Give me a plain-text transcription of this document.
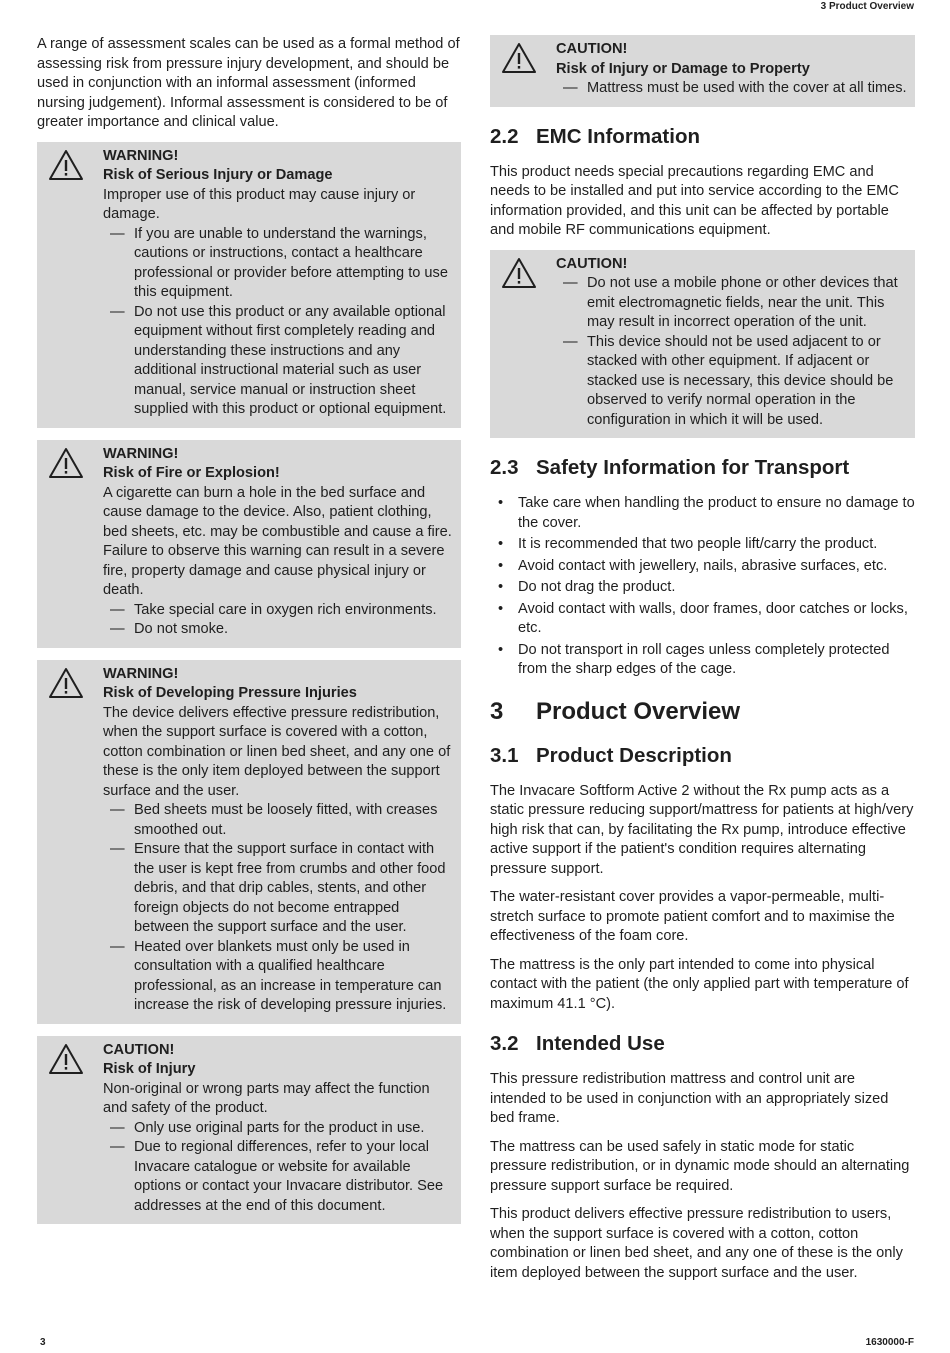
3 Product Overview

A range of assessment scales can be used as a formal method of assessing risk from pressure injury development, and should be used in conjunction with an informal assessment (informed nursing judgement). Informal assessment is considered to be of greater importance and clinical value.

WARNING!
Risk of Serious Injury or Damage
Improper use of this product may cause injury or damage.
— If you are unable to understand the warnings, cautions or instructions, contact a healthcare professional or provider before attempting to use this equipment.
— Do not use this product or any available optional equipment without first completely reading and understanding these instructions and any additional instructional material such as user manual, service manual or instruction sheet supplied with this product or optional equipment.
WARNING!
Risk of Fire or Explosion!
A cigarette can burn a hole in the bed surface and cause damage to the device. Also, patient clothing, bed sheets, etc. may be combustible and cause a fire. Failure to observe this warning can result in a severe fire, property damage and cause physical injury or death.
— Take special care in oxygen rich environments.
— Do not smoke.
WARNING!
Risk of Developing Pressure Injuries
The device delivers effective pressure redistribution, when the support surface is covered with a cotton, cotton combination or linen bed sheet, and any one of these is the only item deployed between the support surface and the user.
— Bed sheets must be loosely fitted, with creases smoothed out.
— Ensure that the support surface in contact with the user is kept free from crumbs and other food debris, and that drip cables, stents, and other foreign objects do not become entrapped between the support surface and the user.
— Heated over blankets must only be used in consultation with a qualified healthcare professional, as an increase in temperature can increase the risk of developing pressure injuries.
CAUTION!
Risk of Injury
Non-original or wrong parts may affect the function and safety of the product.
— Only use original parts for the product in use.
— Due to regional differences, refer to your local Invacare catalogue or website for available options or contact your Invacare distributor. See addresses at the end of this document.
CAUTION!
Risk of Injury or Damage to Property
— Mattress must be used with the cover at all times.
2.2 EMC Information

This product needs special precautions regarding EMC and needs to be installed and put into service according to the EMC information provided, and this unit can be affected by portable and mobile RF communications equipment.

CAUTION!
— Do not use a mobile phone or other devices that emit electromagnetic fields, near the unit. This may result in incorrect operation of the unit.
— This device should not be used adjacent to or stacked with other equipment. If adjacent or stacked use is necessary, this device should be observed to verify normal operation in the configuration in which it will be used.
2.3 Safety Information for Transport
• Take care when handling the product to ensure no damage to the cover.
• It is recommended that two people lift/carry the product.
• Avoid contact with jewellery, nails, abrasive surfaces, etc.
• Do not drag the product.
• Avoid contact with walls, door frames, door catches or locks, etc.
• Do not transport in roll cages unless completely protected from the sharp edges of the cage.
3 Product Overview
3.1 Product Description

The Invacare Softform Active 2 without the Rx pump acts as a static pressure reducing support/mattress for patients at high/very high risk that can, by facilitating the Rx pump, introduce effective active support if the patient's condition requires alternating pressure support.

The water-resistant cover provides a vapor-permeable, multi-stretch surface to promote patient comfort and to maximise the effectiveness of the foam core.

The mattress is the only part intended to come into physical contact with the patient (the only applied part with temperature of maximum 41.1 °C).

3.2 Intended Use

This pressure redistribution mattress and control unit are intended to be used in conjunction with an appropriately sized bed frame.

The mattress can be used safely in static mode for static pressure redistribution, or in dynamic mode should an alternating pressure support surface be required.

This product delivers effective pressure redistribution to users, when the support surface is covered with a cotton, cotton combination or linen bed sheet, and any one of these is the only item deployed between the support surface and the user.

3	1630000-F
